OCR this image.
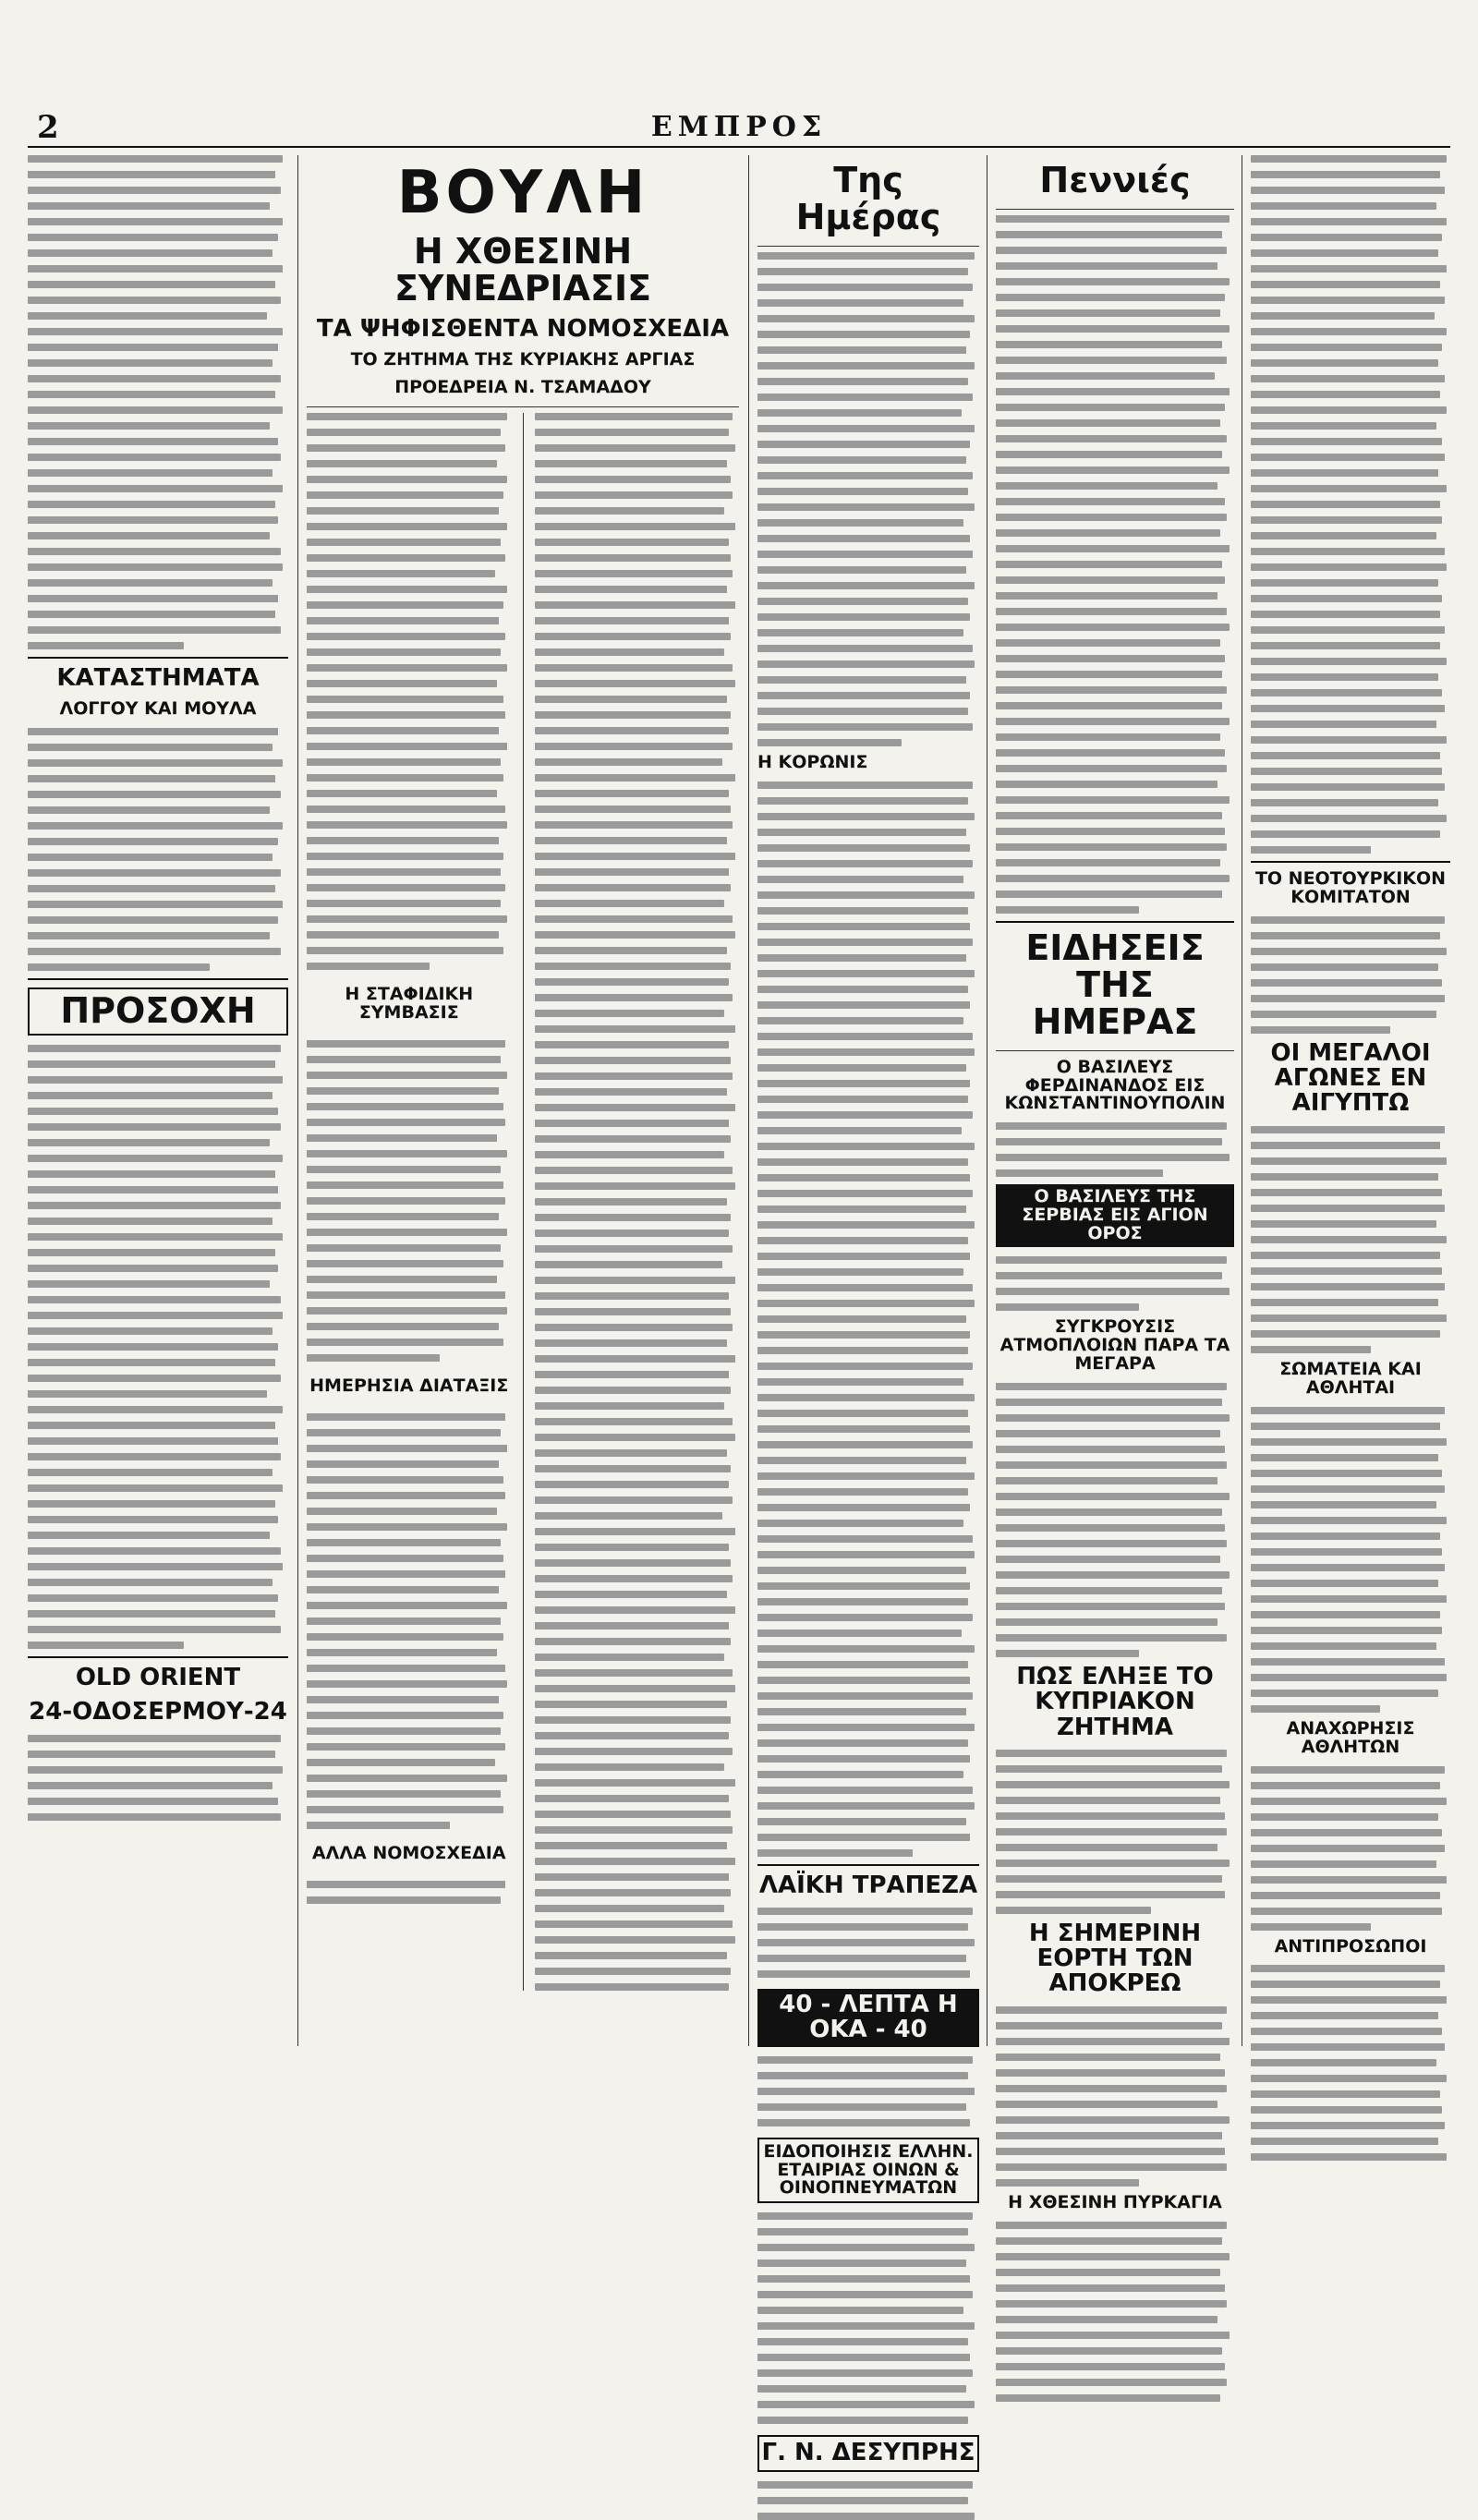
2	ΕΜΠΡΟΣ
ΚΑΤΑΣΤΗΜΑΤΑ
ΛΟΓΓΟΥ ΚΑΙ ΜΟΥΛΑ
ΠΡΟΣΟΧΗ
OLD ORIENT
24-ΟΔΟΣΕΡΜΟΥ-24
ΒΟΥΛΗ
Η ΧΘΕΣΙΝΗ ΣΥΝΕΔΡΙΑΣΙΣ
ΤΑ ΨΗΦΙΣΘΕΝΤΑ ΝΟΜΟΣΧΕΔΙΑ
ΤΟ ΖΗΤΗΜΑ ΤΗΣ ΚΥΡΙΑΚΗΣ ΑΡΓΙΑΣ
ΠΡΟΕΔΡΕΙΑ Ν. ΤΣΑΜΑΔΟΥ
Η ΣΤΑΦΙΔΙΚΗ ΣΥΜΒΑΣΙΣ
ΗΜΕΡΗΣΙΑ ΔΙΑΤΑΞΙΣ
ΑΛΛΑ ΝΟΜΟΣΧΕΔΙΑ
Της Ημέρας
Η ΚΟΡΩΝΙΣ
ΛΑΪΚΗ ΤΡΑΠΕΖΑ
40 - ΛΕΠΤΑ Η ΟΚΑ - 40
ΕΙΔΟΠΟΙΗΣΙΣ ΕΛΛΗΝ. ΕΤΑΙΡΙΑΣ ΟΙΝΩΝ & ΟΙΝΟΠΝΕΥΜΑΤΩΝ
Γ. Ν. ΔΕΣΥΠΡΗΣ
Πεννιές
ΕΙΔΗΣΕΙΣ ΤΗΣ ΗΜΕΡΑΣ
Ο ΒΑΣΙΛΕΥΣ ΦΕΡΔΙΝΑΝΔΟΣ ΕΙΣ ΚΩΝΣΤΑΝΤΙΝΟΥΠΟΛΙΝ
Ο ΒΑΣΙΛΕΥΣ ΤΗΣ ΣΕΡΒΙΑΣ ΕΙΣ ΑΓΙΟΝ ΟΡΟΣ
ΣΥΓΚΡΟΥΣΙΣ ΑΤΜΟΠΛΟΙΩΝ ΠΑΡΑ ΤΑ ΜΕΓΑΡΑ
ΠΩΣ ΕΛΗΞΕ ΤΟ ΚΥΠΡΙΑΚΟΝ ΖΗΤΗΜΑ
Η ΣΗΜΕΡΙΝΗ ΕΟΡΤΗ ΤΩΝ ΑΠΟΚΡΕΩ
Η ΧΘΕΣΙΝΗ ΠΥΡΚΑΓΙΑ
ΤΟ ΝΕΟΤΟΥΡΚΙΚΟΝ ΚΟΜΙΤΑΤΟΝ
ΟΙ ΜΕΓΑΛΟΙ ΑΓΩΝΕΣ ΕΝ ΑΙΓΥΠΤΩ
ΣΩΜΑΤΕΙΑ ΚΑΙ ΑΘΛΗΤΑΙ
ΑΝΑΧΩΡΗΣΙΣ ΑΘΛΗΤΩΝ
ΑΝΤΙΠΡΟΣΩΠΟΙ
